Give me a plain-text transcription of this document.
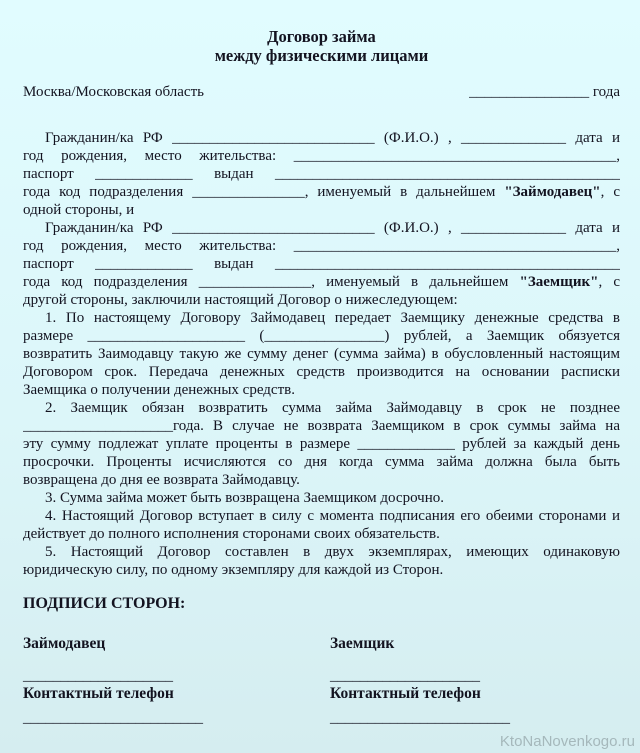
Договор займа
между физическими лицами
Москва/Московская область	________________ года
Гражданин/ка РФ ___________________________ (Ф.И.О.) , ______________ дата и
год рождения, место жительства: ___________________________________________,
паспорт _____________ выдан ______________________________________________
года код подразделения _______________, именуемый в дальнейшем "Займодавец", с
одной стороны, и
Гражданин/ка РФ ___________________________ (Ф.И.О.) , ______________ дата и
год рождения, место жительства: ___________________________________________,
паспорт _____________ выдан ______________________________________________
года код подразделения _______________, именуемый в дальнейшем "Заемщик", с
другой стороны, заключили настоящий Договор о нижеследующем:
1. По настоящему Договору Займодавец передает Заемщику денежные средства в
размере _____________________ (________________) рублей, а Заемщик обязуется
возвратить Заимодавцу такую же сумму денег (сумма займа) в обусловленный настоящим
Договором срок. Передача денежных средств производится на основании расписки
Заемщика о получении денежных средств.
2. Заемщик обязан возвратить сумма займа Займодавцу в срок не позднее
____________________года. В случае не возврата Заемщиком в срок суммы займа на
эту сумму подлежат уплате проценты в размере _____________ рублей за каждый день
просрочки. Проценты исчисляются со дня когда сумма займа должна была быть
возвращена до дня ее возврата Займодавцу.
3. Сумма займа может быть возвращена Заемщиком досрочно.
4. Настоящий Договор вступает в силу с момента подписания его обеими сторонами и
действует до полного исполнения сторонами своих обязательств.
5. Настоящий Договор составлен в двух экземплярах, имеющих одинаковую
юридическую силу, по одному экземпляру для каждой из Сторон.
ПОДПИСИ СТОРОН:
Займодавец
____________________
Контактный телефон
________________________
Заемщик
____________________
Контактный телефон
________________________
KtoNaNovenkogo.ru
